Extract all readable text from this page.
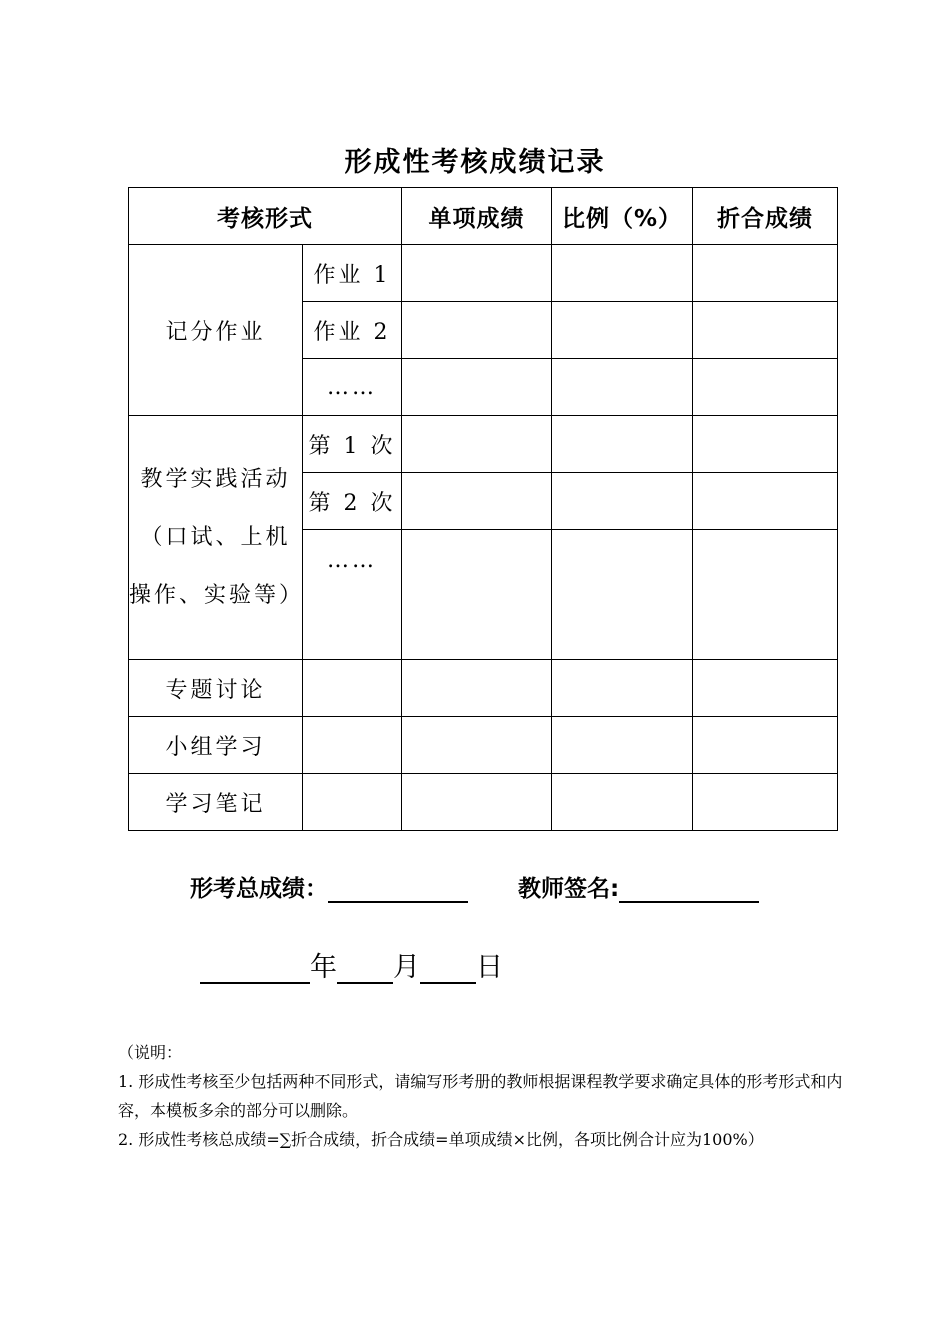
形成性考核成绩记录
考核形式		单项成绩	比例（%）	折合成绩
记分作业	作业 1			
	作业 2			
	……			
教学实践活动（口试、上机操作、实验等）	第 1 次			
	第 2 次			
	……			
专题讨论				
小组学习				
学习笔记				
形考总成绩：	教师签名:
年 月 日

（说明：

1. 形成性考核至少包括两种不同形式，请编写形考册的教师根据课程教学要求确定具体的形考形式和内容，本模板多余的部分可以删除。

2. 形成性考核总成绩=∑折合成绩，折合成绩=单项成绩×比例，各项比例合计应为100%）
